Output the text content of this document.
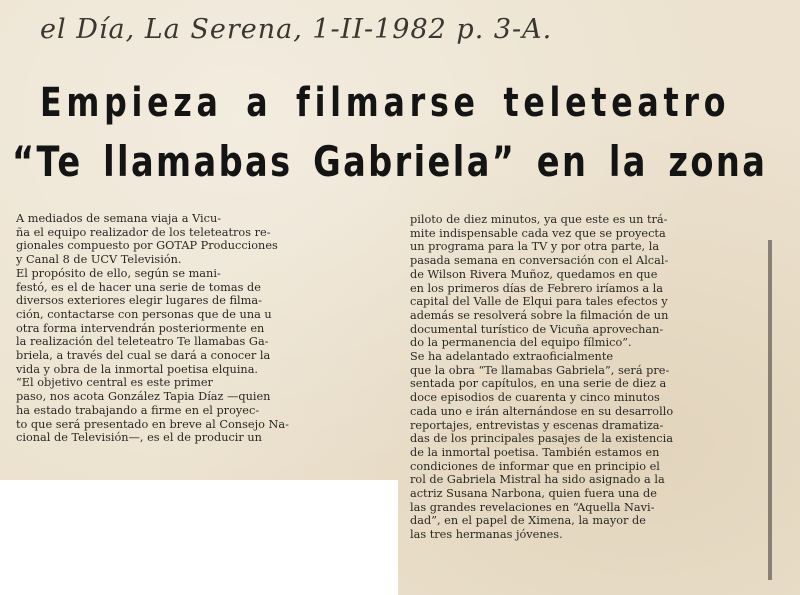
el Día, La Serena, 1-II-1982 p. 3-A.
Empieza a filmarse teleteatro
“Te llamabas Gabriela” en la zona
A mediados de semana viaja a Vicu-
ña el equipo realizador de los teleteatros re-
gionales compuesto por GOTAP Producciones
y Canal 8 de UCV Televisión.
El propósito de ello, según se mani-
festó, es el de hacer una serie de tomas de
diversos exteriores elegir lugares de filma-
ción, contactarse con personas que de una u
otra forma intervendrán posteriormente en
la realización del teleteatro Te llamabas Ga-
briela, a través del cual se dará a conocer la
vida y obra de la inmortal poetisa elquina.
“El objetivo central es este primer
paso, nos acota González Tapia Díaz —quien
ha estado trabajando a firme en el proyec-
to que será presentado en breve al Consejo Na-
cional de Televisión—, es el de producir un
piloto de diez minutos, ya que este es un trá-
mite indispensable cada vez que se proyecta
un programa para la TV y por otra parte, la
pasada semana en conversación con el Alcal-
de Wilson Rivera Muñoz, quedamos en que
en los primeros días de Febrero iríamos a la
capital del Valle de Elqui para tales efectos y
además se resolverá sobre la filmación de un
documental turístico de Vicuña aprovechan-
do la permanencia del equipo fílmico”.
Se ha adelantado extraoficialmente
que la obra “Te llamabas Gabriela”, será pre-
sentada por capítulos, en una serie de diez a
doce episodios de cuarenta y cinco minutos
cada uno e irán alternándose en su desarrollo
reportajes, entrevistas y escenas dramatiza-
das de los principales pasajes de la existencia
de la inmortal poetisa. También estamos en
condiciones de informar que en principio el
rol de Gabriela Mistral ha sido asignado a la
actriz Susana Narbona, quien fuera una de
las grandes revelaciones en “Aquella Navi-
dad”, en el papel de Ximena, la mayor de
las tres hermanas jóvenes.
